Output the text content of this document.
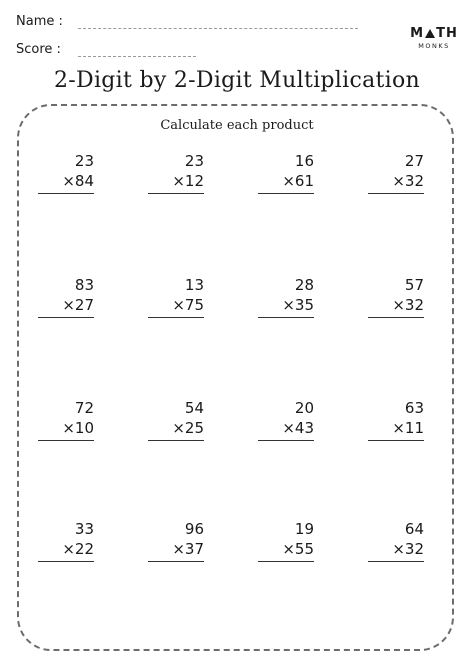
Name :
Score :
M TH
MONKS
2-Digit by 2-Digit Multiplication
Calculate each product
23
×84
23
×12
16
×61
27
×32
83
×27
13
×75
28
×35
57
×32
72
×10
54
×25
20
×43
63
×11
33
×22
96
×37
19
×55
64
×32
